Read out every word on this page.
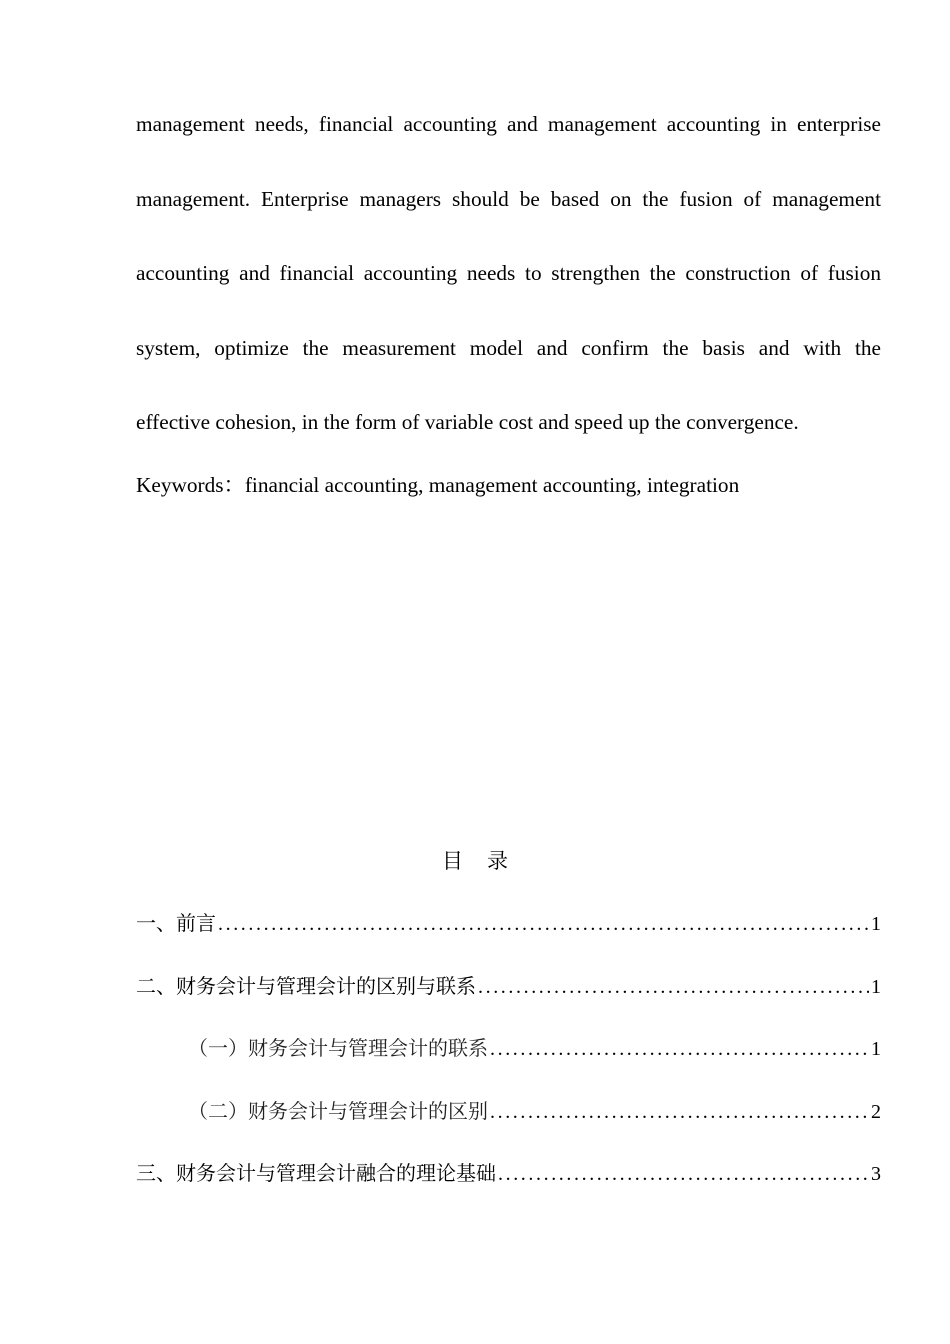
management needs, financial accounting and management accounting in enterprise
management. Enterprise managers should be based on the fusion of management
accounting and financial accounting needs to strengthen the construction of fusion
system, optimize the measurement model and confirm the basis and with the
effective cohesion, in the form of variable cost and speed up the convergence.
Keywords：financial accounting, management accounting, integration
目 录
一、前言 . . .	1
二、财务会计与管理会计的区别与联系 . . .	1
（一）财务会计与管理会计的联系 . . .	1
（二）财务会计与管理会计的区别 . . .	2
三、财务会计与管理会计融合的理论基础 . . .	3
